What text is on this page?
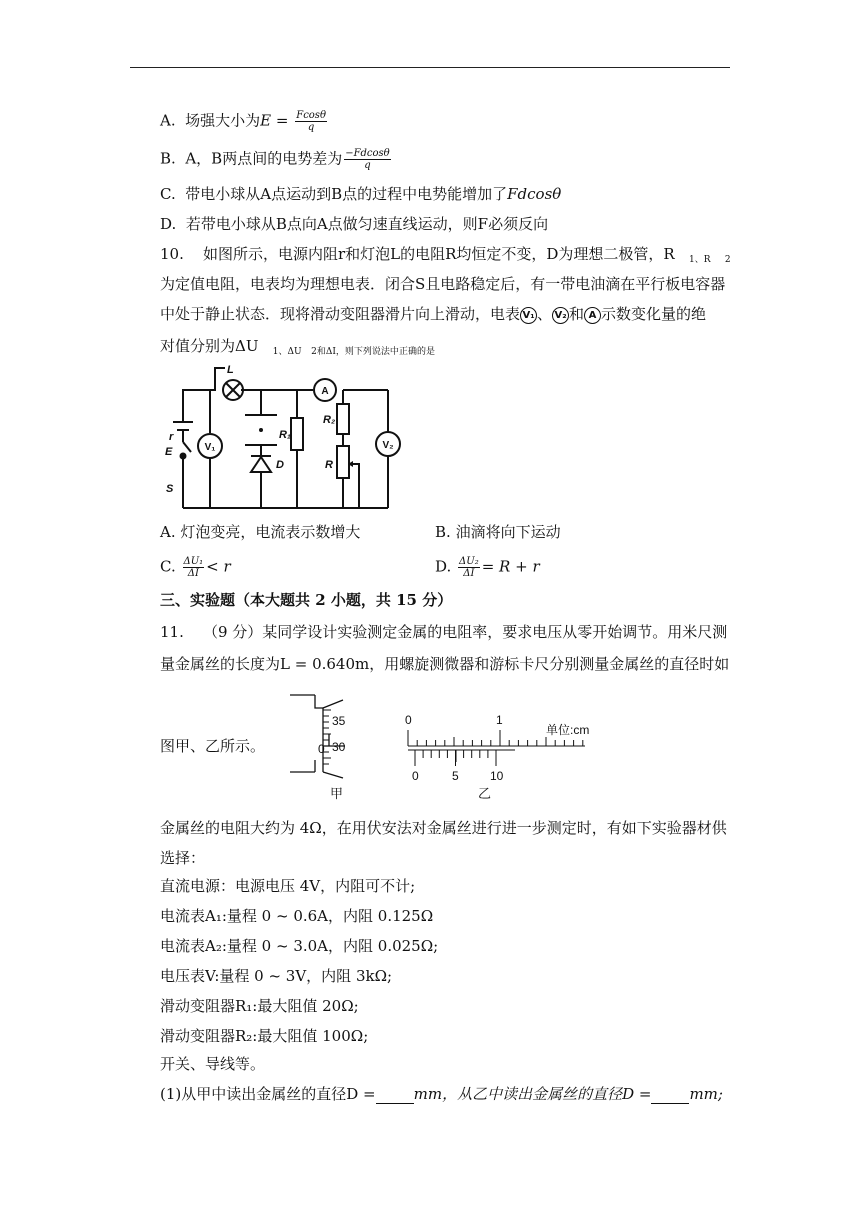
A. 场强大小为$E = \frac{Fcos\theta}{q}$
B. A，B两点间的电势差为 $\frac{-Fdcos\theta}{q}$
C. 带电小球从A点运动到B点的过程中电势能增加了Fdcosθ
D. 若带电小球从B点向A点做匀速直线运动，则F必须反向
10. 如图所示，电源内阻r和灯泡L的电阻R均恒定不变，D为理想二极管，R $_{1、R}$ $_2$
为定值电阻，电表均为理想电表．闭合S且电路稳定后，有一带电油滴在平行板电容器
中处于静止状态．现将滑动变阻器滑片向上滑动，电表 V₁ 、 V₂ 和 A 示数变化量的绝
对值分别为ΔU $_{1、\Delta U}$ $_{2和\Delta I,则下列说法中正确的是}$
L
r
E
S
R₁
R₂
R
D
A
V₁	V₂
A. 灯泡变亮，电流表示数增大	B. 油滴将向下运动
C. $\frac{\text{ΔU₁}}{\Delta I} < r$	D. $\frac{\text{ΔU₂}}{\Delta I} = R + r$
三、实验题（本大题共 2 小题，共 15 分）
11. （9 分）某同学设计实验测定金属的电阻率，要求电压从零开始调节。用米尺测
量金属丝的长度为L = 0.640m，用螺旋测微器和游标卡尺分别测量金属丝的直径时如
图甲、乙所示。
35
30
0
甲
0	1
单位:cm
0	5	10
乙
金属丝的电阻大约为 4Ω，在用伏安法对金属丝进行进一步测定时，有如下实验器材供
选择：
直流电源：电源电压 4V，内阻可不计;
电流表A₁:量程 0 ~ 0.6A，内阻 0.125Ω
电流表A₂:量程 0 ~ 3.0A，内阻 0.025Ω;
电压表V:量程 0 ~ 3V，内阻 3kΩ;
滑动变阻器R₁:最大阻值 20Ω;
滑动变阻器R₂:最大阻值 100Ω;
开关、导线等。
(1)从甲中读出金属丝的直径D =	mm，从乙中读出金属丝的直径D =	mm;
